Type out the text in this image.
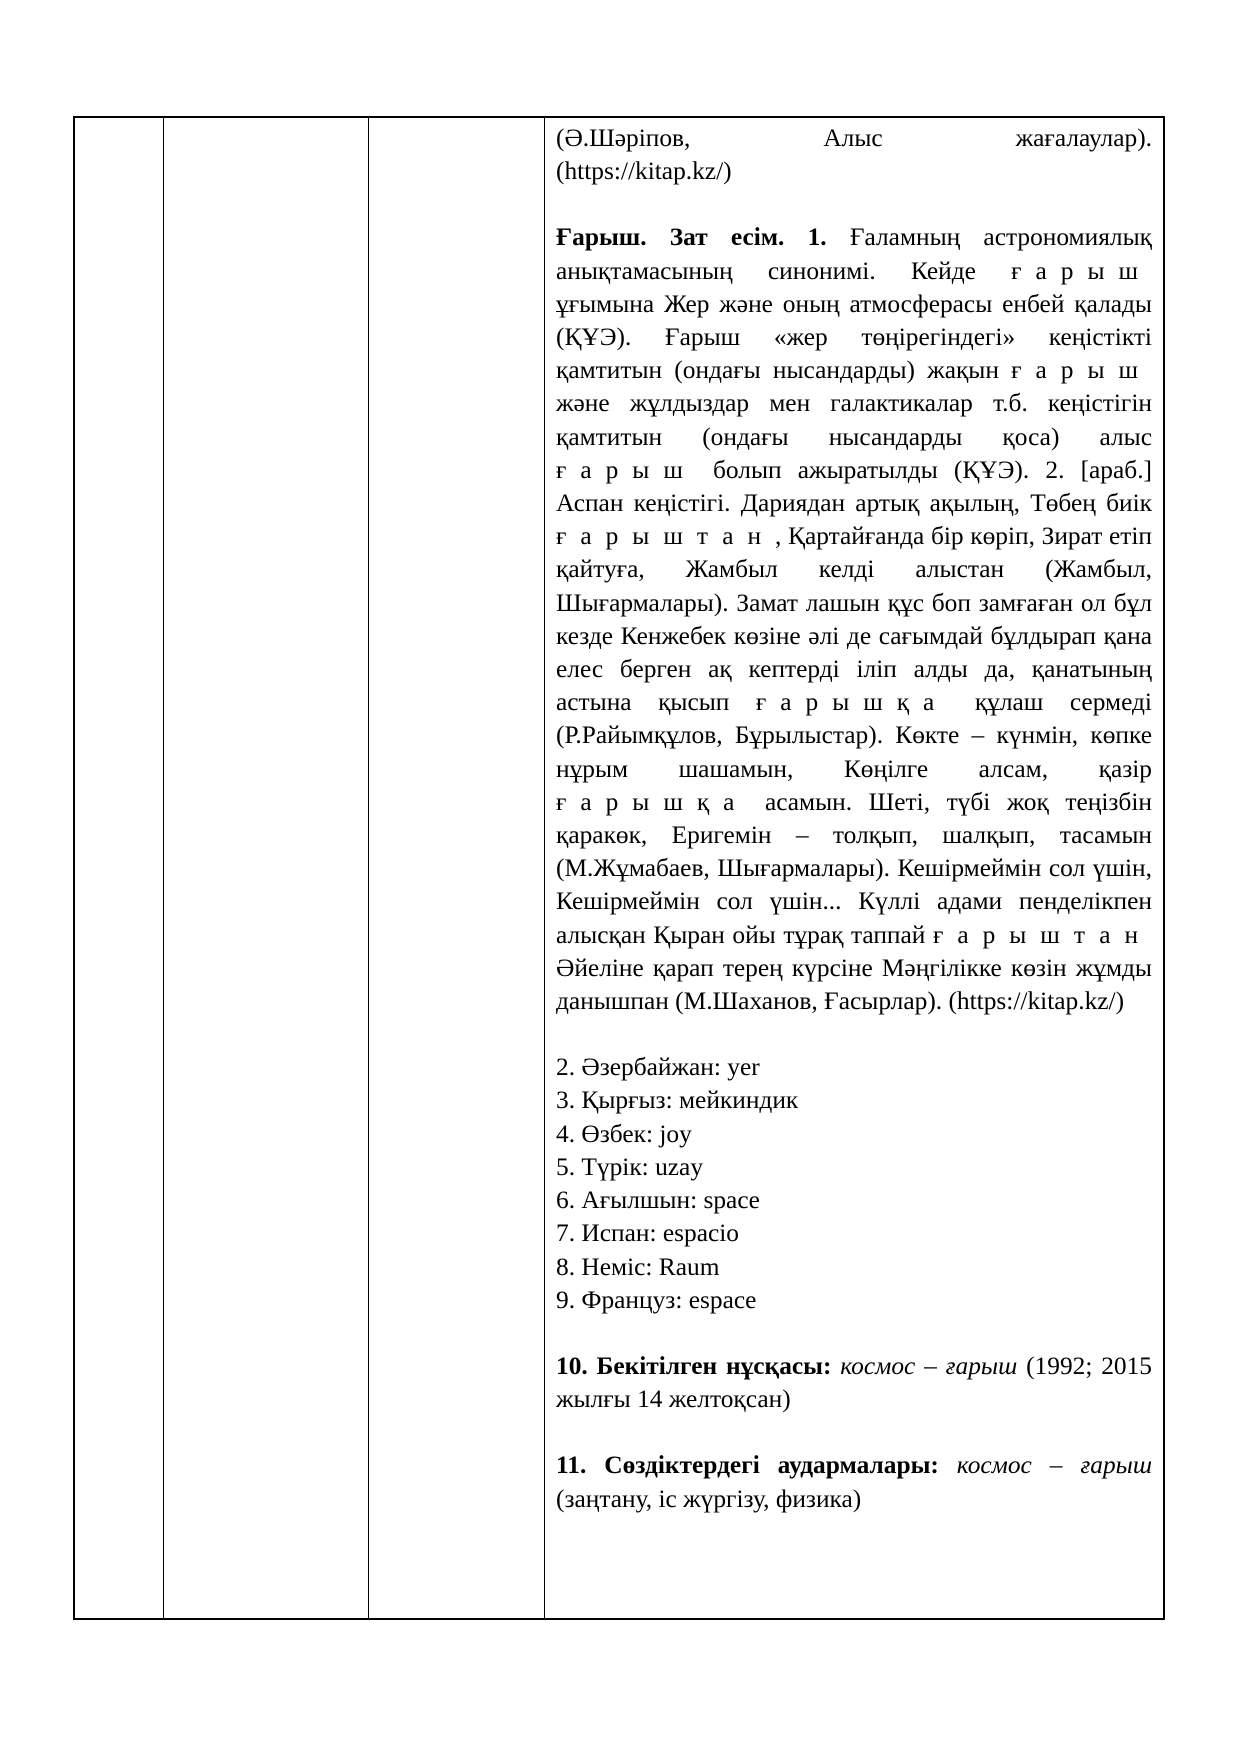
(Ә.Шәріпов, Алыс жағалаулар).

(https://kitap.kz/)

Ғарыш. Зат есім. 1. Ғаламның астрономиялық анықтамасының синонимі. Кейде ғарыш ұғымына Жер және оның атмосферасы енбей қалады (ҚҰЭ). Ғарыш «жер төңірегіндегі» кеңістікті қамтитын (ондағы нысандарды) жақын ғарыш және жұлдыздар мен галактикалар т.б. кеңістігін қамтитын (ондағы нысандарды қоса) алыс ғарыш болып ажыратылды (ҚҰЭ). 2. [араб.] Аспан кеңістігі. Дариядан артық ақылың, Төбең биік ғарыштан, Қартайғанда бір көріп, Зират етіп қайтуға, Жамбыл келді алыстан (Жамбыл, Шығармалары). Замат лашын құс боп замғаған ол бұл кезде Кенжебек көзіне әлі де сағымдай бұлдырап қана елес берген ақ кептерді іліп алды да, қанатының астына қысып ғарышқа құлаш сермеді (Р.Райымқұлов, Бұрылыстар). Көкте – күнмін, көпке нұрым шашамын, Көңілге алсам, қазір ғарышқа асамын. Шеті, түбі жоқ теңізбін қаракөк, Еригемін – толқып, шалқып, тасамын (М.Жұмабаев, Шығармалары). Кешірмеймін сол үшін, Кешірмеймін сол үшін... Күллі адами пенделікпен алысқан Қыран ойы тұрақ таппай ғарыштан Әйеліне қарап терең күрсіне Мәңгілікке көзін жұмды данышпан (М.Шаханов, Ғасырлар). (https://kitap.kz/)

2. Әзербайжан: yer

3. Қырғыз: мейкиндик

4. Өзбек: joy

5. Түрік: uzay

6. Ағылшын: space

7. Испан: espacio

8. Неміс: Raum

9. Француз: espace

10. Бекітілген нұсқасы: космос – ғарыш (1992; 2015 жылғы 14 желтоқсан)

11. Сөздіктердегі аудармалары: космос – ғарыш (заңтану, іс жүргізу, физика)
